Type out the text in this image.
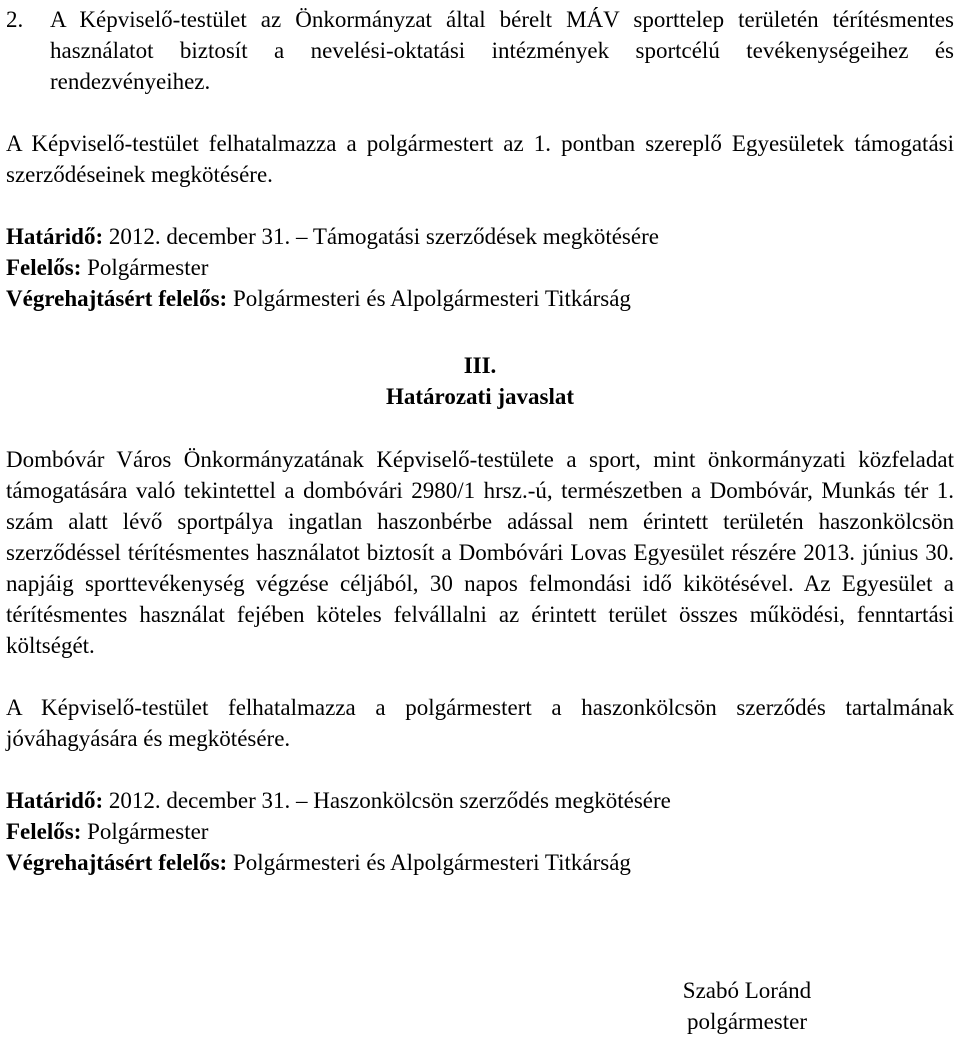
2. A Képviselő-testület az Önkormányzat által bérelt MÁV sporttelep területén térítésmentes használatot biztosít a nevelési-oktatási intézmények sportcélú tevékenységeihez és rendezvényeihez.

A Képviselő-testület felhatalmazza a polgármestert az 1. pontban szereplő Egyesületek támogatási szerződéseinek megkötésére.

Határidő: 2012. december 31. – Támogatási szerződések megkötésére

Felelős: Polgármester

Végrehajtásért felelős: Polgármesteri és Alpolgármesteri Titkárság

III.

Határozati javaslat

Dombóvár Város Önkormányzatának Képviselő-testülete a sport, mint önkormányzati közfeladat támogatására való tekintettel a dombóvári 2980/1 hrsz.-ú, természetben a Dombóvár, Munkás tér 1. szám alatt lévő sportpálya ingatlan haszonbérbe adással nem érintett területén haszonkölcsön szerződéssel térítésmentes használatot biztosít a Dombóvári Lovas Egyesület részére 2013. június 30. napjáig sporttevékenység végzése céljából, 30 napos felmondási idő kikötésével. Az Egyesület a térítésmentes használat fejében köteles felvállalni az érintett terület összes működési, fenntartási költségét.

A Képviselő-testület felhatalmazza a polgármestert a haszonkölcsön szerződés tartalmának jóváhagyására és megkötésére.

Határidő: 2012. december 31. – Haszonkölcsön szerződés megkötésére

Felelős: Polgármester

Végrehajtásért felelős: Polgármesteri és Alpolgármesteri Titkárság

Szabó Loránd

polgármester
